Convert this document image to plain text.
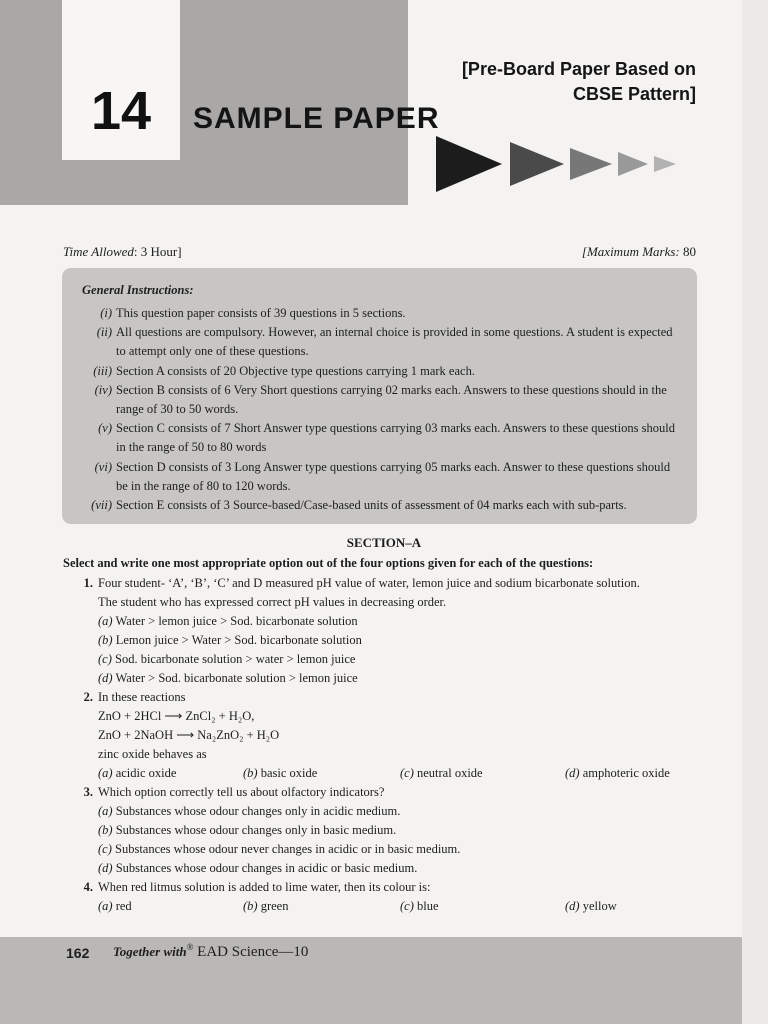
14	SAMPLE PAPER
[Pre-Board Paper Based on
CBSE Pattern]
Time Allowed: 3 Hour]	[Maximum Marks: 80
General Instructions:
(i) This question paper consists of 39 questions in 5 sections.
(ii) All questions are compulsory. However, an internal choice is provided in some questions. A student is expected to attempt only one of these questions.
(iii) Section A consists of 20 Objective type questions carrying 1 mark each.
(iv) Section B consists of 6 Very Short questions carrying 02 marks each. Answers to these questions should in the range of 30 to 50 words.
(v) Section C consists of 7 Short Answer type questions carrying 03 marks each. Answers to these questions should in the range of 50 to 80 words
(vi) Section D consists of 3 Long Answer type questions carrying 05 marks each. Answer to these questions should be in the range of 80 to 120 words.
(vii) Section E consists of 3 Source-based/Case-based units of assessment of 04 marks each with sub-parts.
SECTION–A
Select and write one most appropriate option out of the four options given for each of the questions:
1. Four student- ‘A’, ‘B’, ‘C’ and D measured pH value of water, lemon juice and sodium bicarbonate solution.
The student who has expressed correct pH values in decreasing order.
(a) Water > lemon juice > Sod. bicarbonate solution
(b) Lemon juice > Water > Sod. bicarbonate solution
(c) Sod. bicarbonate solution > water > lemon juice
(d) Water > Sod. bicarbonate solution > lemon juice
2. In these reactions
ZnO + 2HCl ⟶ ZnCl₂ + H₂O,
ZnO + 2NaOH ⟶ Na₂ZnO₂ + H₂O
zinc oxide behaves as
(a) acidic oxide	(b) basic oxide	(c) neutral oxide	(d) amphoteric oxide
3. Which option correctly tell us about olfactory indicators?
(a) Substances whose odour changes only in acidic medium.
(b) Substances whose odour changes only in basic medium.
(c) Substances whose odour never changes in acidic or in basic medium.
(d) Substances whose odour changes in acidic or basic medium.
4. When red litmus solution is added to lime water, then its colour is:
(a) red	(b) green	(c) blue	(d) yellow
162 Together with® EAD Science—10
